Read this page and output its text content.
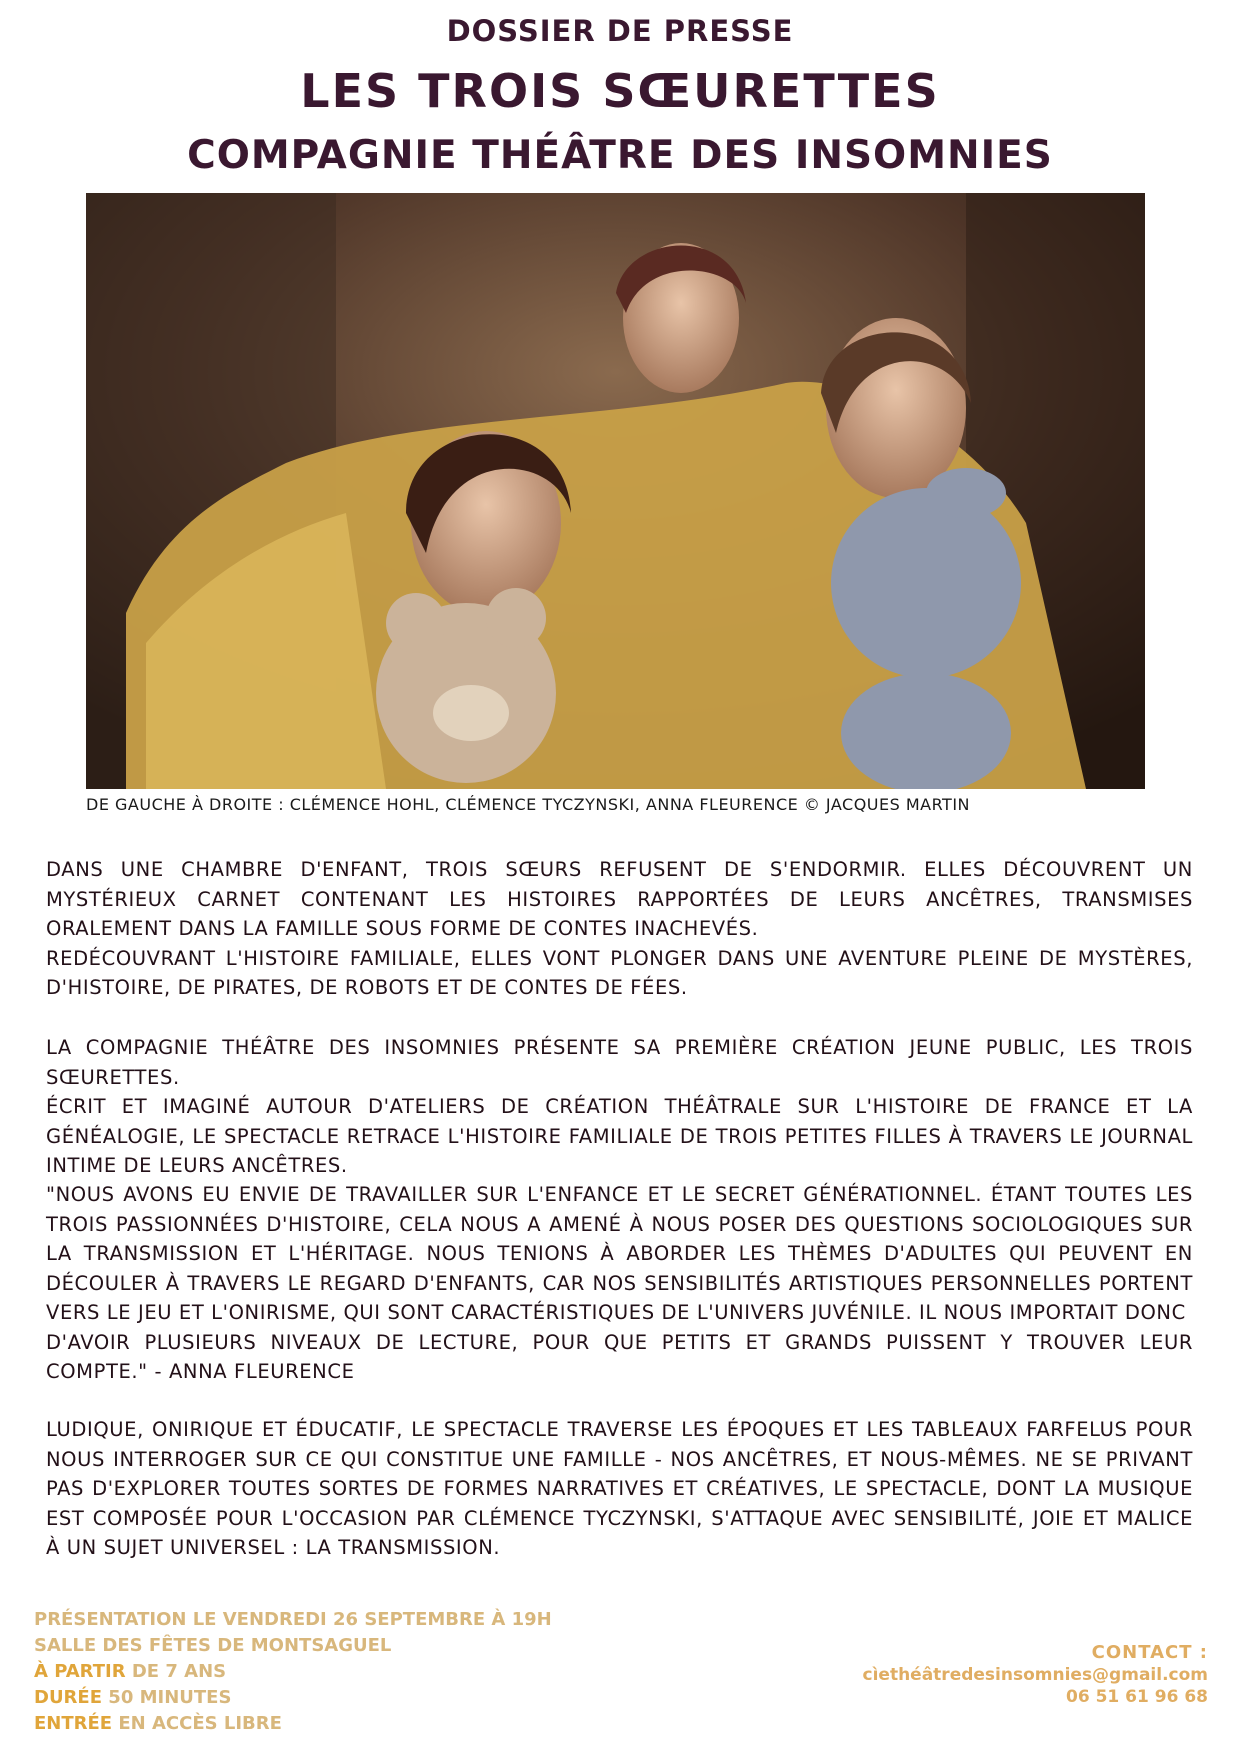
DOSSIER DE PRESSE
LES TROIS SŒURETTES
COMPAGNIE THÉÂTRE DES INSOMNIES
DE GAUCHE À DROITE : CLÉMENCE HOHL, CLÉMENCE TYCZYNSKI, ANNA FLEURENCE © JACQUES MARTIN

DANS UNE CHAMBRE D'ENFANT, TROIS SŒURS REFUSENT DE S'ENDORMIR. ELLES DÉCOUVRENT UN MYSTÉRIEUX CARNET CONTENANT LES HISTOIRES RAPPORTÉES DE LEURS ANCÊTRES, TRANSMISES ORALEMENT DANS LA FAMILLE SOUS FORME DE CONTES INACHEVÉS.

REDÉCOUVRANT L'HISTOIRE FAMILIALE, ELLES VONT PLONGER DANS UNE AVENTURE PLEINE DE MYSTÈRES, D'HISTOIRE, DE PIRATES, DE ROBOTS ET DE CONTES DE FÉES.

LA COMPAGNIE THÉÂTRE DES INSOMNIES PRÉSENTE SA PREMIÈRE CRÉATION JEUNE PUBLIC, LES TROIS SŒURETTES.

ÉCRIT ET IMAGINÉ AUTOUR D'ATELIERS DE CRÉATION THÉÂTRALE SUR L'HISTOIRE DE FRANCE ET LA GÉNÉALOGIE, LE SPECTACLE RETRACE L'HISTOIRE FAMILIALE DE TROIS PETITES FILLES À TRAVERS LE JOURNAL INTIME DE LEURS ANCÊTRES.

"NOUS AVONS EU ENVIE DE TRAVAILLER SUR L'ENFANCE ET LE SECRET GÉNÉRATIONNEL. ÉTANT TOUTES LES TROIS PASSIONNÉES D'HISTOIRE, CELA NOUS A AMENÉ À NOUS POSER DES QUESTIONS SOCIOLOGIQUES SUR LA TRANSMISSION ET L'HÉRITAGE. NOUS TENIONS À ABORDER LES THÈMES D'ADULTES QUI PEUVENT EN DÉCOULER À TRAVERS LE REGARD D'ENFANTS, CAR NOS SENSIBILITÉS ARTISTIQUES PERSONNELLES PORTENT VERS LE JEU ET L'ONIRISME, QUI SONT CARACTÉRISTIQUES DE L'UNIVERS JUVÉNILE. IL NOUS IMPORTAIT DONC

D'AVOIR PLUSIEURS NIVEAUX DE LECTURE, POUR QUE PETITS ET GRANDS PUISSENT Y TROUVER LEUR COMPTE." - ANNA FLEURENCE

LUDIQUE, ONIRIQUE ET ÉDUCATIF, LE SPECTACLE TRAVERSE LES ÉPOQUES ET LES TABLEAUX FARFELUS POUR NOUS INTERROGER SUR CE QUI CONSTITUE UNE FAMILLE - NOS ANCÊTRES, ET NOUS-MÊMES. NE SE PRIVANT PAS D'EXPLORER TOUTES SORTES DE FORMES NARRATIVES ET CRÉATIVES, LE SPECTACLE, DONT LA MUSIQUE EST COMPOSÉE POUR L'OCCASION PAR CLÉMENCE TYCZYNSKI, S'ATTAQUE AVEC SENSIBILITÉ, JOIE ET MALICE À UN SUJET UNIVERSEL : LA TRANSMISSION.

PRÉSENTATION LE VENDREDI 26 SEPTEMBRE À 19H
SALLE DES FÊTES DE MONTSAGUEL
À PARTIR DE 7 ANS
DURÉE 50 MINUTES
ENTRÉE EN ACCÈS LIBRE
CONTACT :
cìethéâtredesinsomnies@gmail.com
06 51 61 96 68
